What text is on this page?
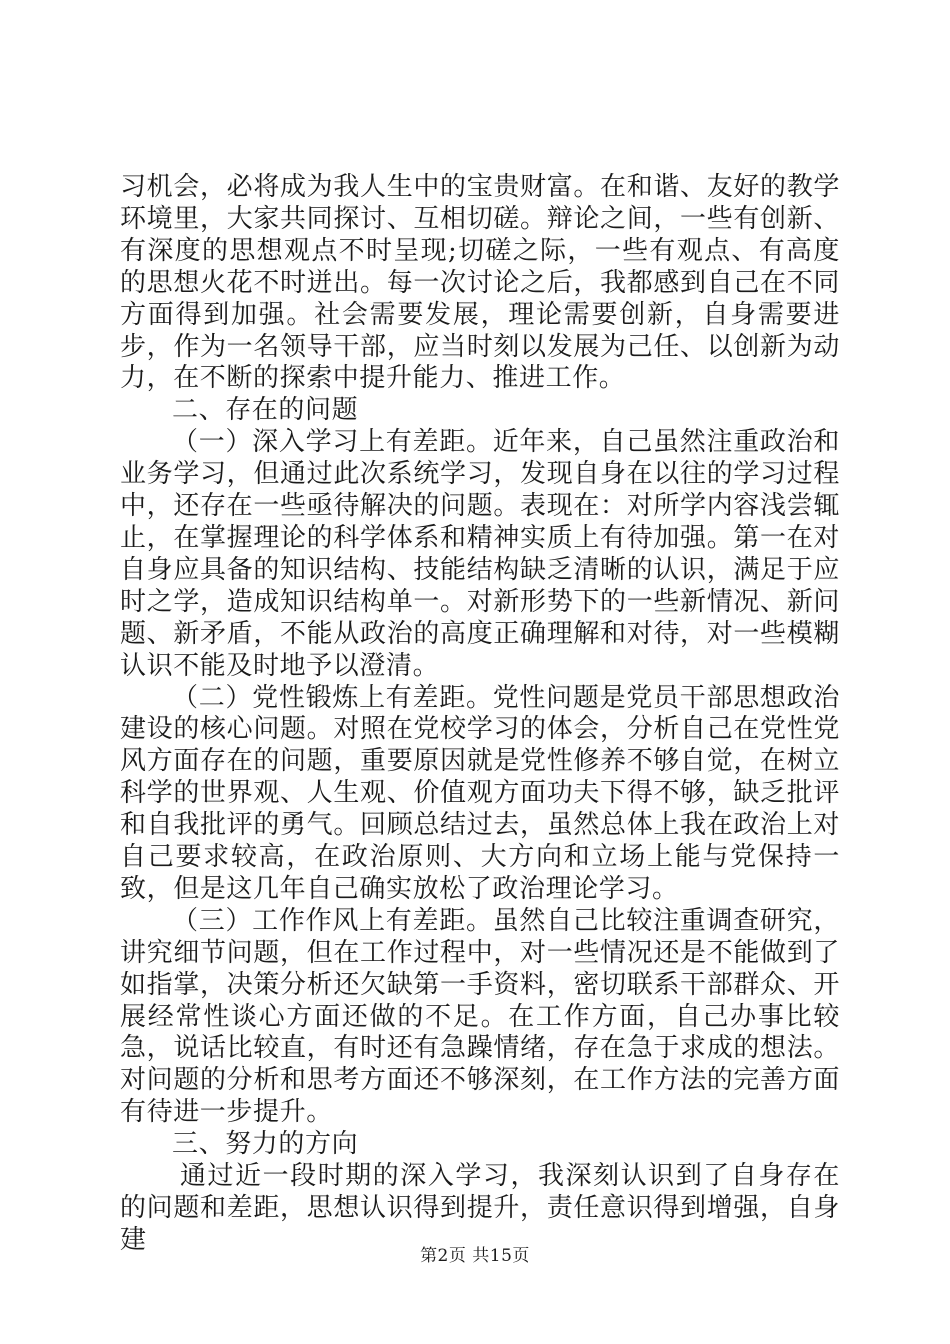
习机会，必将成为我人生中的宝贵财富。在和谐、友好的教学环境里，大家共同探讨、互相切磋。辩论之间，一些有创新、有深度的思想观点不时呈现;切磋之际，一些有观点、有高度的思想火花不时迸出。每一次讨论之后，我都感到自己在不同方面得到加强。社会需要发展，理论需要创新，自身需要进步，作为一名领导干部，应当时刻以发展为己任、以创新为动力，在不断的探索中提升能力、推进工作。

二、存在的问题

（一）深入学习上有差距。近年来，自己虽然注重政治和业务学习，但通过此次系统学习，发现自身在以往的学习过程中，还存在一些亟待解决的问题。表现在：对所学内容浅尝辄止，在掌握理论的科学体系和精神实质上有待加强。第一在对自身应具备的知识结构、技能结构缺乏清晰的认识，满足于应时之学，造成知识结构单一。对新形势下的一些新情况、新问题、新矛盾，不能从政治的高度正确理解和对待，对一些模糊认识不能及时地予以澄清。

（二）党性锻炼上有差距。党性问题是党员干部思想政治建设的核心问题。对照在党校学习的体会，分析自己在党性党风方面存在的问题，重要原因就是党性修养不够自觉，在树立科学的世界观、人生观、价值观方面功夫下得不够，缺乏批评和自我批评的勇气。回顾总结过去，虽然总体上我在政治上对自己要求较高，在政治原则、大方向和立场上能与党保持一致，但是这几年自己确实放松了政治理论学习。

（三）工作作风上有差距。虽然自己比较注重调查研究，讲究细节问题，但在工作过程中，对一些情况还是不能做到了如指掌，决策分析还欠缺第一手资料，密切联系干部群众、开展经常性谈心方面还做的不足。在工作方面，自己办事比较急，说话比较直，有时还有急躁情绪，存在急于求成的想法。对问题的分析和思考方面还不够深刻，在工作方法的完善方面有待进一步提升。

三、努力的方向

通过近一段时期的深入学习，我深刻认识到了自身存在的问题和差距，思想认识得到提升，责任意识得到增强，自身建

第2页 共15页
